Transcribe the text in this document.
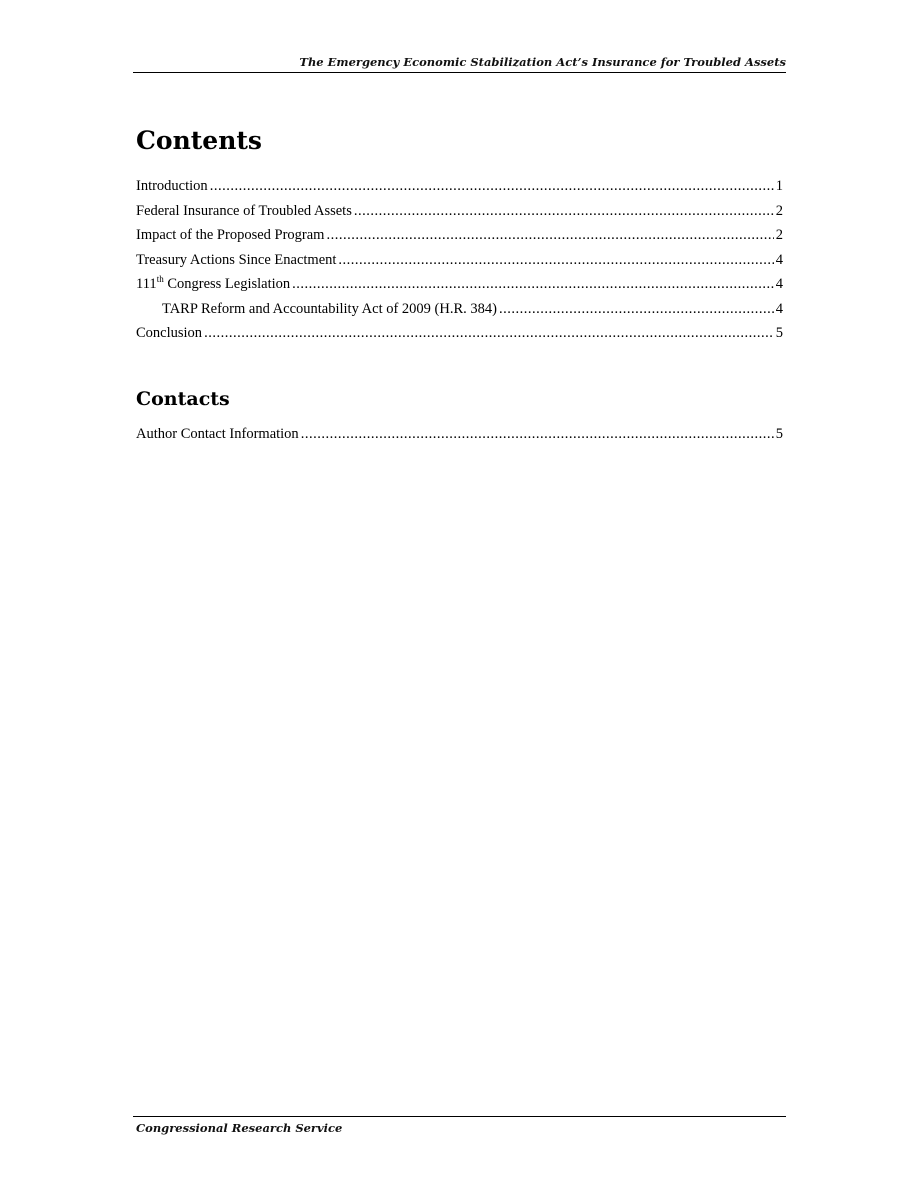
The Emergency Economic Stabilization Act’s Insurance for Troubled Assets
Contents
Introduction .....	1
Federal Insurance of Troubled Assets .....	2
Impact of the Proposed Program .....	2
Treasury Actions Since Enactment .....	4
111th Congress Legislation .....	4
TARP Reform and Accountability Act of 2009 (H.R. 384) .....	4
Conclusion .....	5
Contacts
Author Contact Information .....	5
Congressional Research Service
